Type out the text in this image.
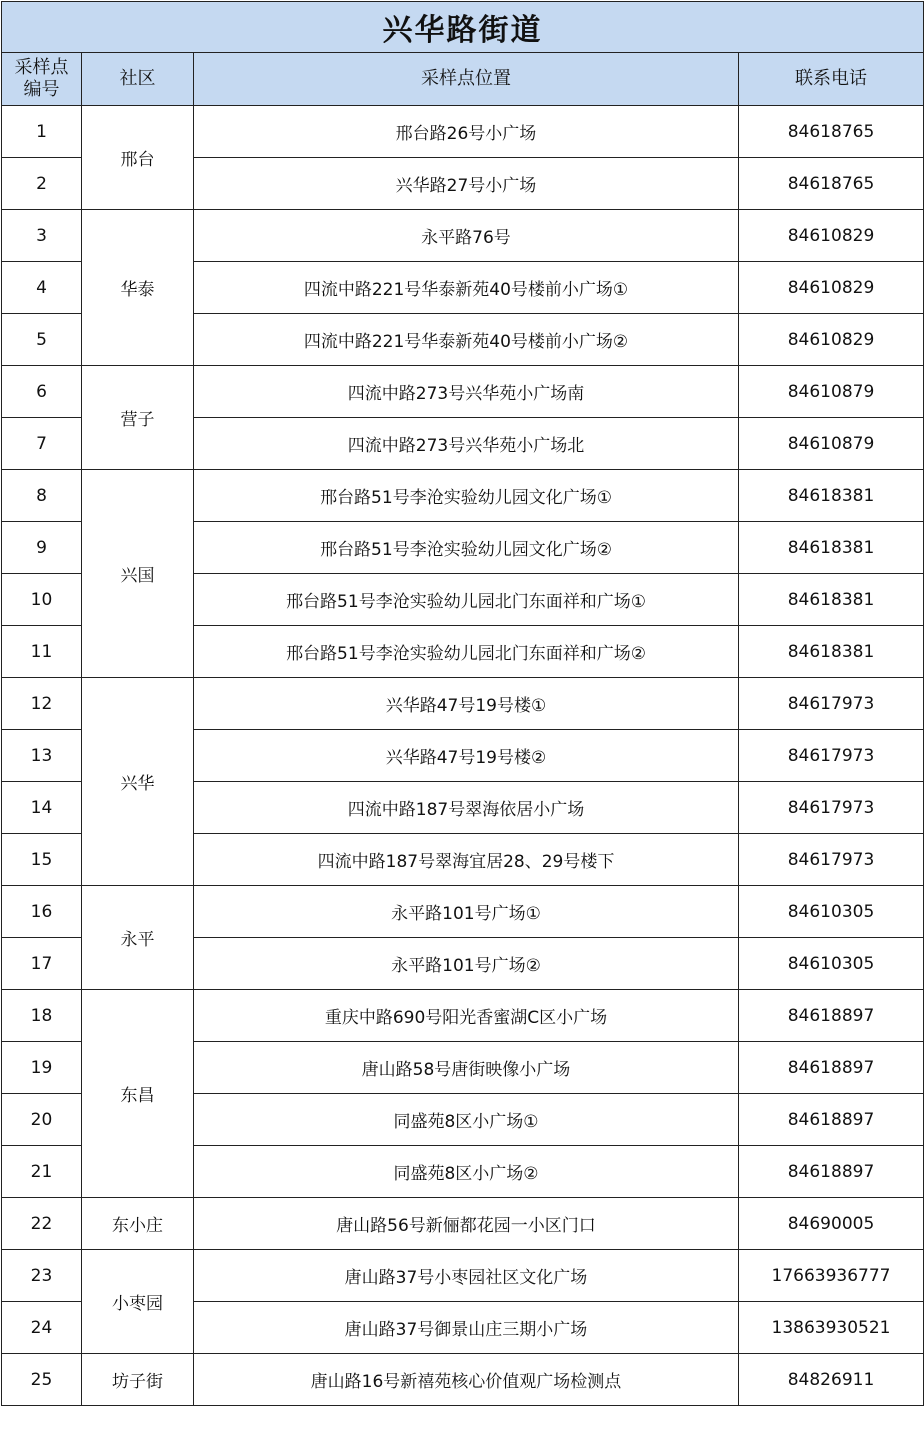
兴华路街道			
采样点
编号	社区	采样点位置	联系电话
1	邢台	邢台路26号小广场	84618765
2		兴华路27号小广场	84618765
3	华泰	永平路76号	84610829
4		四流中路221号华泰新苑40号楼前小广场①	84610829
5		四流中路221号华泰新苑40号楼前小广场②	84610829
6	营子	四流中路273号兴华苑小广场南	84610879
7		四流中路273号兴华苑小广场北	84610879
8	兴国	邢台路51号李沧实验幼儿园文化广场①	84618381
9		邢台路51号李沧实验幼儿园文化广场②	84618381
10		邢台路51号李沧实验幼儿园北门东面祥和广场①	84618381
11		邢台路51号李沧实验幼儿园北门东面祥和广场②	84618381
12	兴华	兴华路47号19号楼①	84617973
13		兴华路47号19号楼②	84617973
14		四流中路187号翠海依居小广场	84617973
15		四流中路187号翠海宜居28、29号楼下	84617973
16	永平	永平路101号广场①	84610305
17		永平路101号广场②	84610305
18	东昌	重庆中路690号阳光香蜜湖C区小广场	84618897
19		唐山路58号唐街映像小广场	84618897
20		同盛苑8区小广场①	84618897
21		同盛苑8区小广场②	84618897
22	东小庄	唐山路56号新俪都花园一小区门口	84690005
23	小枣园	唐山路37号小枣园社区文化广场	17663936777
24		唐山路37号御景山庄三期小广场	13863930521
25	坊子街	唐山路16号新禧苑核心价值观广场检测点	84826911
